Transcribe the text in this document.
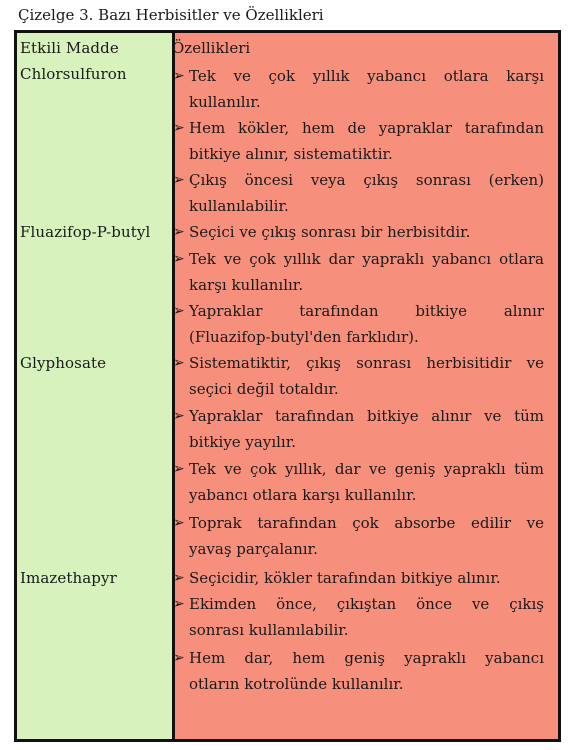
Çizelge 3. Bazı Herbisitler ve Özellikleri
Etkili Madde
Chlorsulfuron
Fluazifop-P-butyl
Glyphosate
Imazethapyr
Özellikleri
➢ Tek ve çok yıllık yabancı otlara karşı
kullanılır.
➢ Hem kökler, hem de yapraklar tarafından
bitkiye alınır, sistematiktir.
➢ Çıkış öncesi veya çıkış sonrası (erken)
kullanılabilir.
➢ Seçici ve çıkış sonrası bir herbisitdir.
➢ Tek ve çok yıllık dar yapraklı yabancı otlara
karşı kullanılır.
➢ Yapraklar tarafından bitkiye alınır
(Fluazifop-butyl'den farklıdır).
➢ Sistematiktir, çıkış sonrası herbisitidir ve
seçici değil totaldır.
➢ Yapraklar tarafından bitkiye alınır ve tüm
bitkiye yayılır.
➢ Tek ve çok yıllık, dar ve geniş yapraklı tüm
yabancı otlara karşı kullanılır.
➢ Toprak tarafından çok absorbe edilir ve
yavaş parçalanır.
➢ Seçicidir, kökler tarafından bitkiye alınır.
➢ Ekimden önce, çıkıştan önce ve çıkış
sonrası kullanılabilir.
➢ Hem dar, hem geniş yapraklı yabancı
otların kotrolünde kullanılır.
